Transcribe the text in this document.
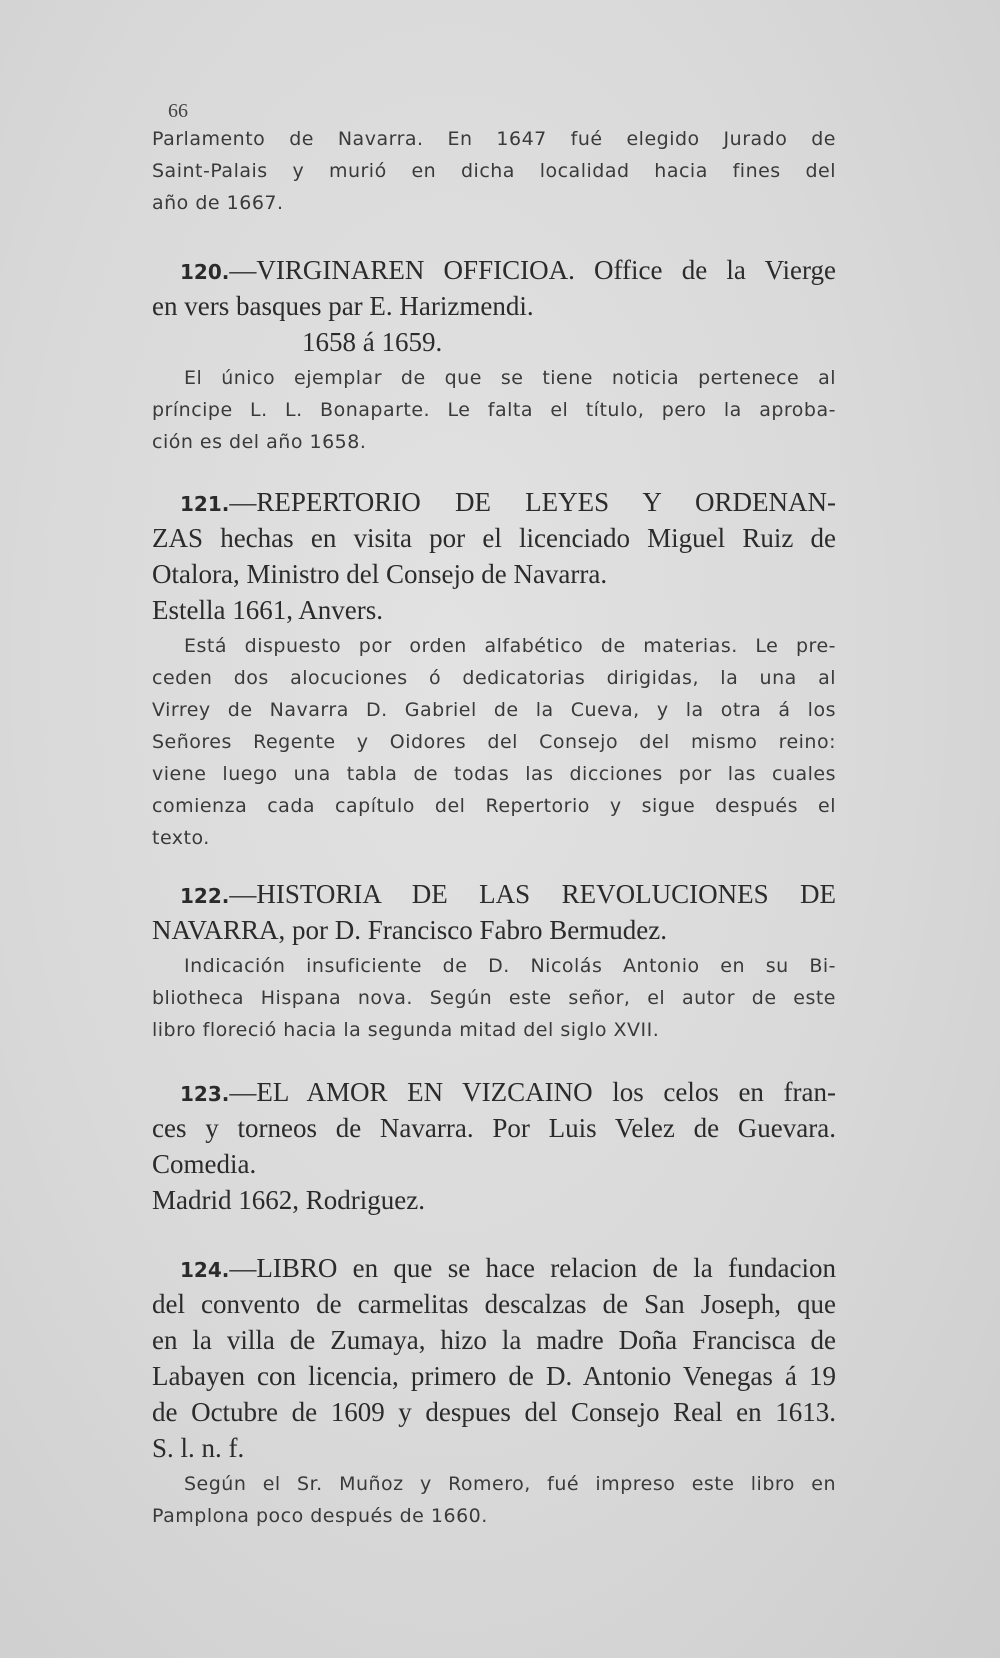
66
Parlamento de Navarra. En 1647 fué elegido Jurado de
Saint-Palais y murió en dicha localidad hacia fines del
año de 1667.
120.—VIRGINAREN OFFICIOA. Office de la Vierge
en vers basques par E. Harizmendi.
1658 á 1659.
El único ejemplar de que se tiene noticia pertenece al
príncipe L. L. Bonaparte. Le falta el título, pero la aproba-
ción es del año 1658.
121.—REPERTORIO DE LEYES Y ORDENAN-
ZAS hechas en visita por el licenciado Miguel Ruiz de
Otalora, Ministro del Consejo de Navarra.
Estella 1661, Anvers.
Está dispuesto por orden alfabético de materias. Le pre-
ceden dos alocuciones ó dedicatorias dirigidas, la una al
Virrey de Navarra D. Gabriel de la Cueva, y la otra á los
Señores Regente y Oidores del Consejo del mismo reino:
viene luego una tabla de todas las dicciones por las cuales
comienza cada capítulo del Repertorio y sigue después el
texto.
122.—HISTORIA DE LAS REVOLUCIONES DE
NAVARRA, por D. Francisco Fabro Bermudez.
Indicación insuficiente de D. Nicolás Antonio en su Bi-
bliotheca Hispana nova. Según este señor, el autor de este
libro floreció hacia la segunda mitad del siglo XVII.
123.—EL AMOR EN VIZCAINO los celos en fran-
ces y torneos de Navarra. Por Luis Velez de Guevara.
Comedia.
Madrid 1662, Rodriguez.
124.—LIBRO en que se hace relacion de la fundacion
del convento de carmelitas descalzas de San Joseph, que
en la villa de Zumaya, hizo la madre Doña Francisca de
Labayen con licencia, primero de D. Antonio Venegas á 19
de Octubre de 1609 y despues del Consejo Real en 1613.
S. l. n. f.
Según el Sr. Muñoz y Romero, fué impreso este libro en
Pamplona poco después de 1660.
